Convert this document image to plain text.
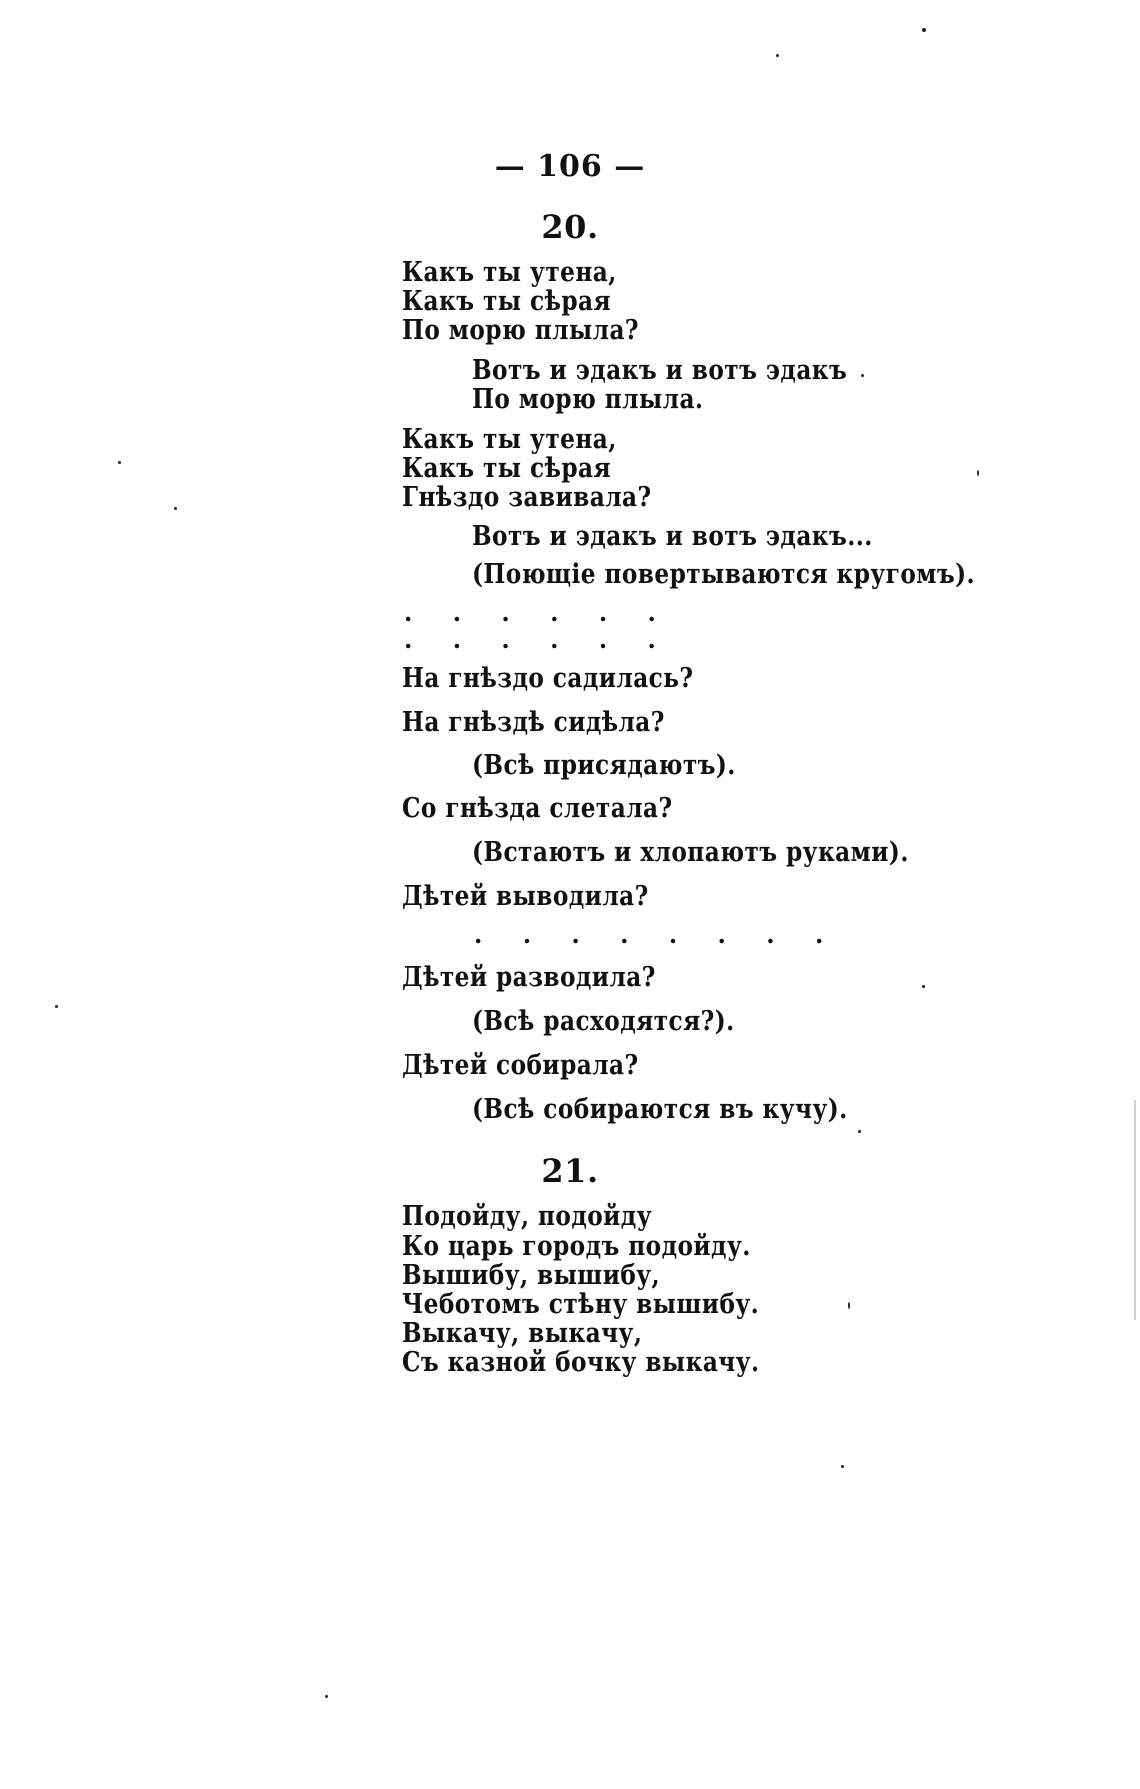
— 106 —
20.
Какъ ты утена,
Какъ ты сѣрая
По морю плыла?
Вотъ и эдакъ и вотъ эдакъ
По морю плыла.
Какъ ты утена,
Какъ ты сѣрая
Гнѣздо завивала?
Вотъ и эдакъ и вотъ эдакъ...
(Поющіе повертываются кругомъ).
. . . . . .
. . . . . .
На гнѣздо садилась?
На гнѣздѣ сидѣла?
(Всѣ присядаютъ).
Со гнѣзда слетала?
(Встаютъ и хлопаютъ руками).
Дѣтей выводила?
. . . . . . . .
Дѣтей разводила?
(Всѣ расходятся?).
Дѣтей собирала?
(Всѣ собираются въ кучу).
21.
Подойду, подойду
Ко царь городъ подойду.
Вышибу, вышибу,
Чеботомъ стѣну вышибу.
Выкачу, выкачу,
Съ казной бочку выкачу.
